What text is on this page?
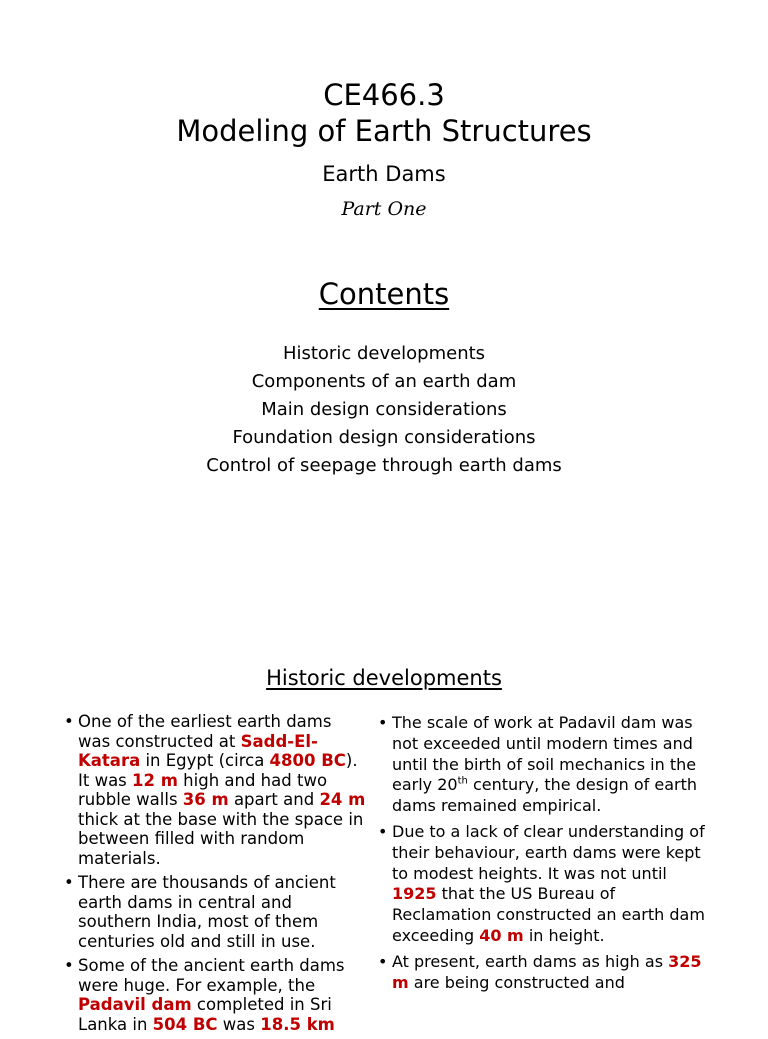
CE466.3
Modeling of Earth Structures
Earth Dams
Part One
Contents
Historic developments
Components of an earth dam
Main design considerations
Foundation design considerations
Control of seepage through earth dams
Historic developments
• One of the earliest earth dams was constructed at Sadd-El-Katara in Egypt (circa 4800 BC). It was 12 m high and had two rubble walls 36 m apart and 24 m thick at the base with the space in between filled with random materials.
• There are thousands of ancient earth dams in central and southern India, most of them centuries old and still in use.
• Some of the ancient earth dams were huge. For example, the Padavil dam completed in Sri Lanka in 504 BC was 18.5 km
• The scale of work at Padavil dam was not exceeded until modern times and until the birth of soil mechanics in the early 20th century, the design of earth dams remained empirical.
• Due to a lack of clear understanding of their behaviour, earth dams were kept to modest heights. It was not until 1925 that the US Bureau of Reclamation constructed an earth dam exceeding 40 m in height.
• At present, earth dams as high as 325 m are being constructed and
